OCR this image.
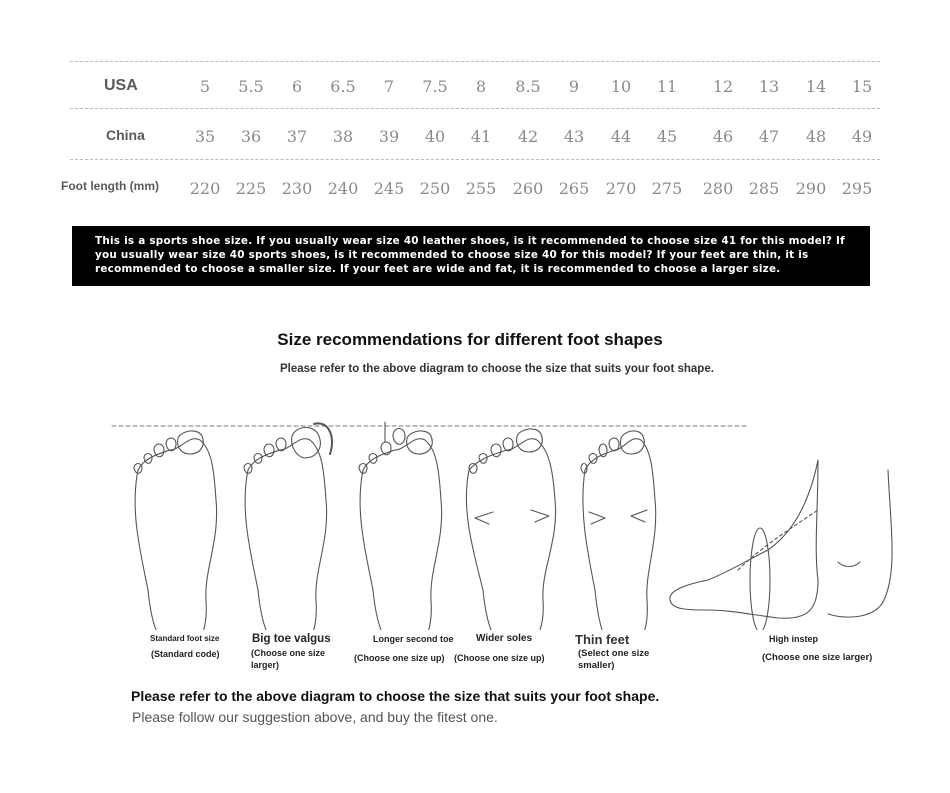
USA	5	5.5	6	6.5	7	7.5	8	8.5	9	10	11	12	13	14	15
China	35	36	37	38	39	40	41	42	43	44	45	46	47	48	49
Foot length (mm)	220 225 230 240 245 250 255	260 265	270 275	280 285	290 295
This is a sports shoe size. If you usually wear size 40 leather shoes, is it recommended to choose size 41 for this model? If you usually wear size 40 sports shoes, is it recommended to choose size 40 for this model? If your feet are thin, it is recommended to choose a smaller size. If your feet are wide and fat, it is recommended to choose a larger size.
Size recommendations for different foot shapes
Please refer to the above diagram to choose the size that suits your foot shape.
Standard foot size
(Standard code)
Big toe valgus
(Choose one size larger)
Longer second toe
(Choose one size up)
Wider soles
(Choose one size up)
Thin feet
(Select one size smaller)
High instep
(Choose one size larger)
Please refer to the above diagram to choose the size that suits your foot shape.
Please follow our suggestion above, and buy the fitest one.
